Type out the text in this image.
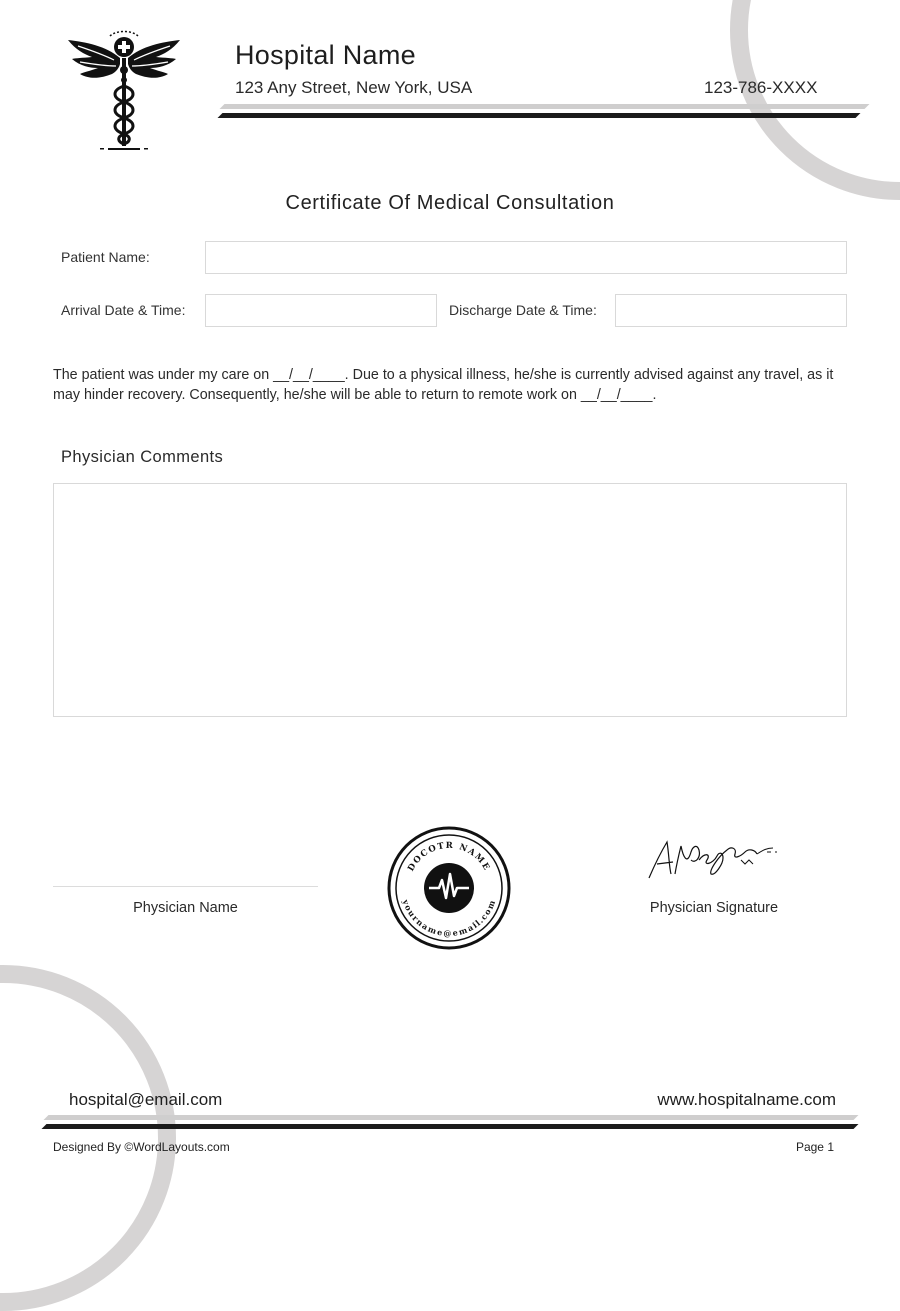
Hospital Name
123 Any Street, New York, USA	123-786-XXXX
Certificate Of Medical Consultation
Patient Name:
Arrival Date & Time:	Discharge Date & Time:

The patient was under my care on __/__/____. Due to a physical illness, he/she is currently advised against any travel, as it may hinder recovery. Consequently, he/she will be able to return to remote work on __/__/____.

Physician Comments
Physician Name
DOCOTR NAME
yourname@email.com	Physician Signature
hospital@email.com	www.hospitalname.com
Designed By ©WordLayouts.com	Page 1
